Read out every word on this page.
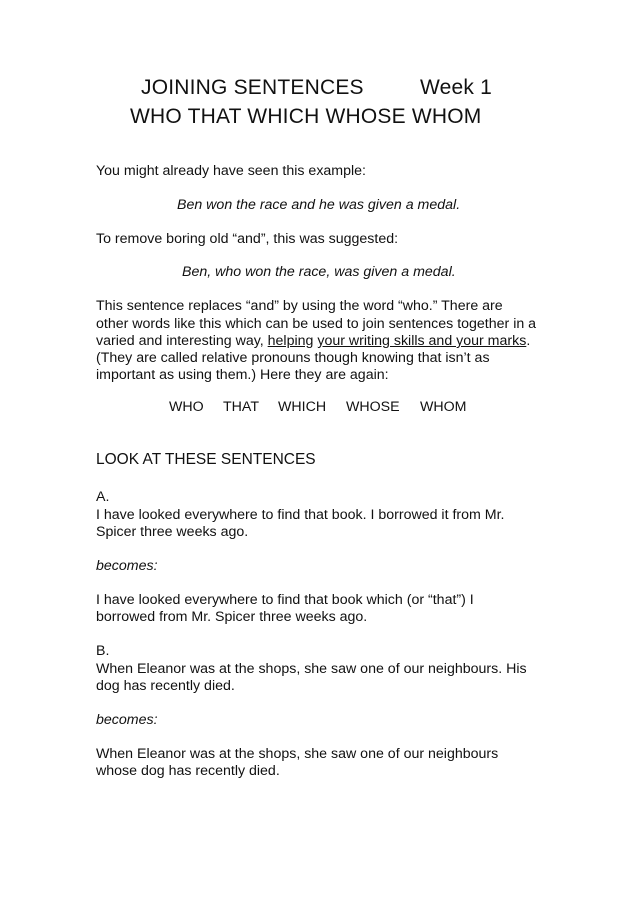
JOINING SENTENCES	Week 1
WHO THAT WHICH WHOSE WHOM
You might already have seen this example:
Ben won the race and he was given a medal.
To remove boring old “and”, this was suggested:
Ben, who won the race, was given a medal.
This sentence replaces “and” by using the word “who.” There are
other words like this which can be used to join sentences together in a
varied and interesting way, helping your writing skills and your marks.
(They are called relative pronouns though knowing that isn’t as
important as using them.) Here they are again:
WHO THAT WHICH WHOSE WHOM
LOOK AT THESE SENTENCES
A.
I have looked everywhere to find that book. I borrowed it from Mr.
Spicer three weeks ago.
becomes:
I have looked everywhere to find that book which (or “that”) I
borrowed from Mr. Spicer three weeks ago.
B.
When Eleanor was at the shops, she saw one of our neighbours. His
dog has recently died.
becomes:
When Eleanor was at the shops, she saw one of our neighbours
whose dog has recently died.
